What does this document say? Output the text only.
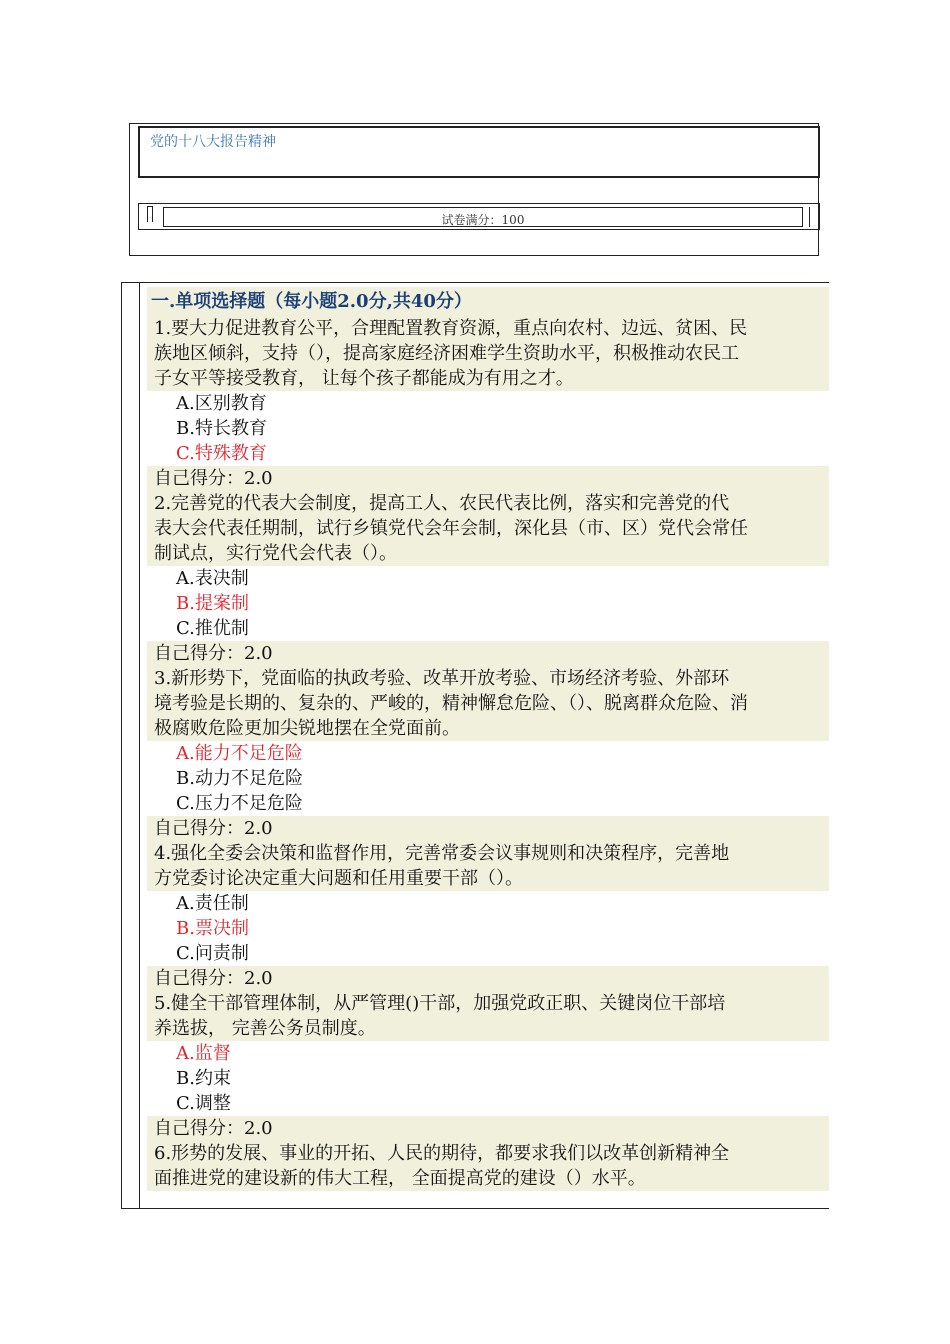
党的十八大报告精神
试卷满分：100
一.单项选择题（每小题2.0分,共40分）
1.要大力促进教育公平，合理配置教育资源，重点向农村、边远、贫困、民
族地区倾斜，支持（），提高家庭经济困难学生资助水平，积极推动农民工
子女平等接受教育， 让每个孩子都能成为有用之才。
A.区别教育
B.特长教育
C.特殊教育
自己得分：2.0
2.完善党的代表大会制度，提高工人、农民代表比例，落实和完善党的代
表大会代表任期制，试行乡镇党代会年会制，深化县（市、区）党代会常任
制试点，实行党代会代表（）。
A.表决制
B.提案制
C.推优制
自己得分：2.0
3.新形势下，党面临的执政考验、改革开放考验、市场经济考验、外部环
境考验是长期的、复杂的、严峻的，精神懈怠危险、（）、脱离群众危险、消
极腐败危险更加尖锐地摆在全党面前。
A.能力不足危险
B.动力不足危险
C.压力不足危险
自己得分：2.0
4.强化全委会决策和监督作用，完善常委会议事规则和决策程序，完善地
方党委讨论决定重大问题和任用重要干部（）。
A.责任制
B.票决制
C.问责制
自己得分：2.0
5.健全干部管理体制，从严管理()干部，加强党政正职、关键岗位干部培
养选拔， 完善公务员制度。
A.监督
B.约束
C.调整
自己得分：2.0
6.形势的发展、事业的开拓、人民的期待，都要求我们以改革创新精神全
面推进党的建设新的伟大工程， 全面提高党的建设（）水平。
